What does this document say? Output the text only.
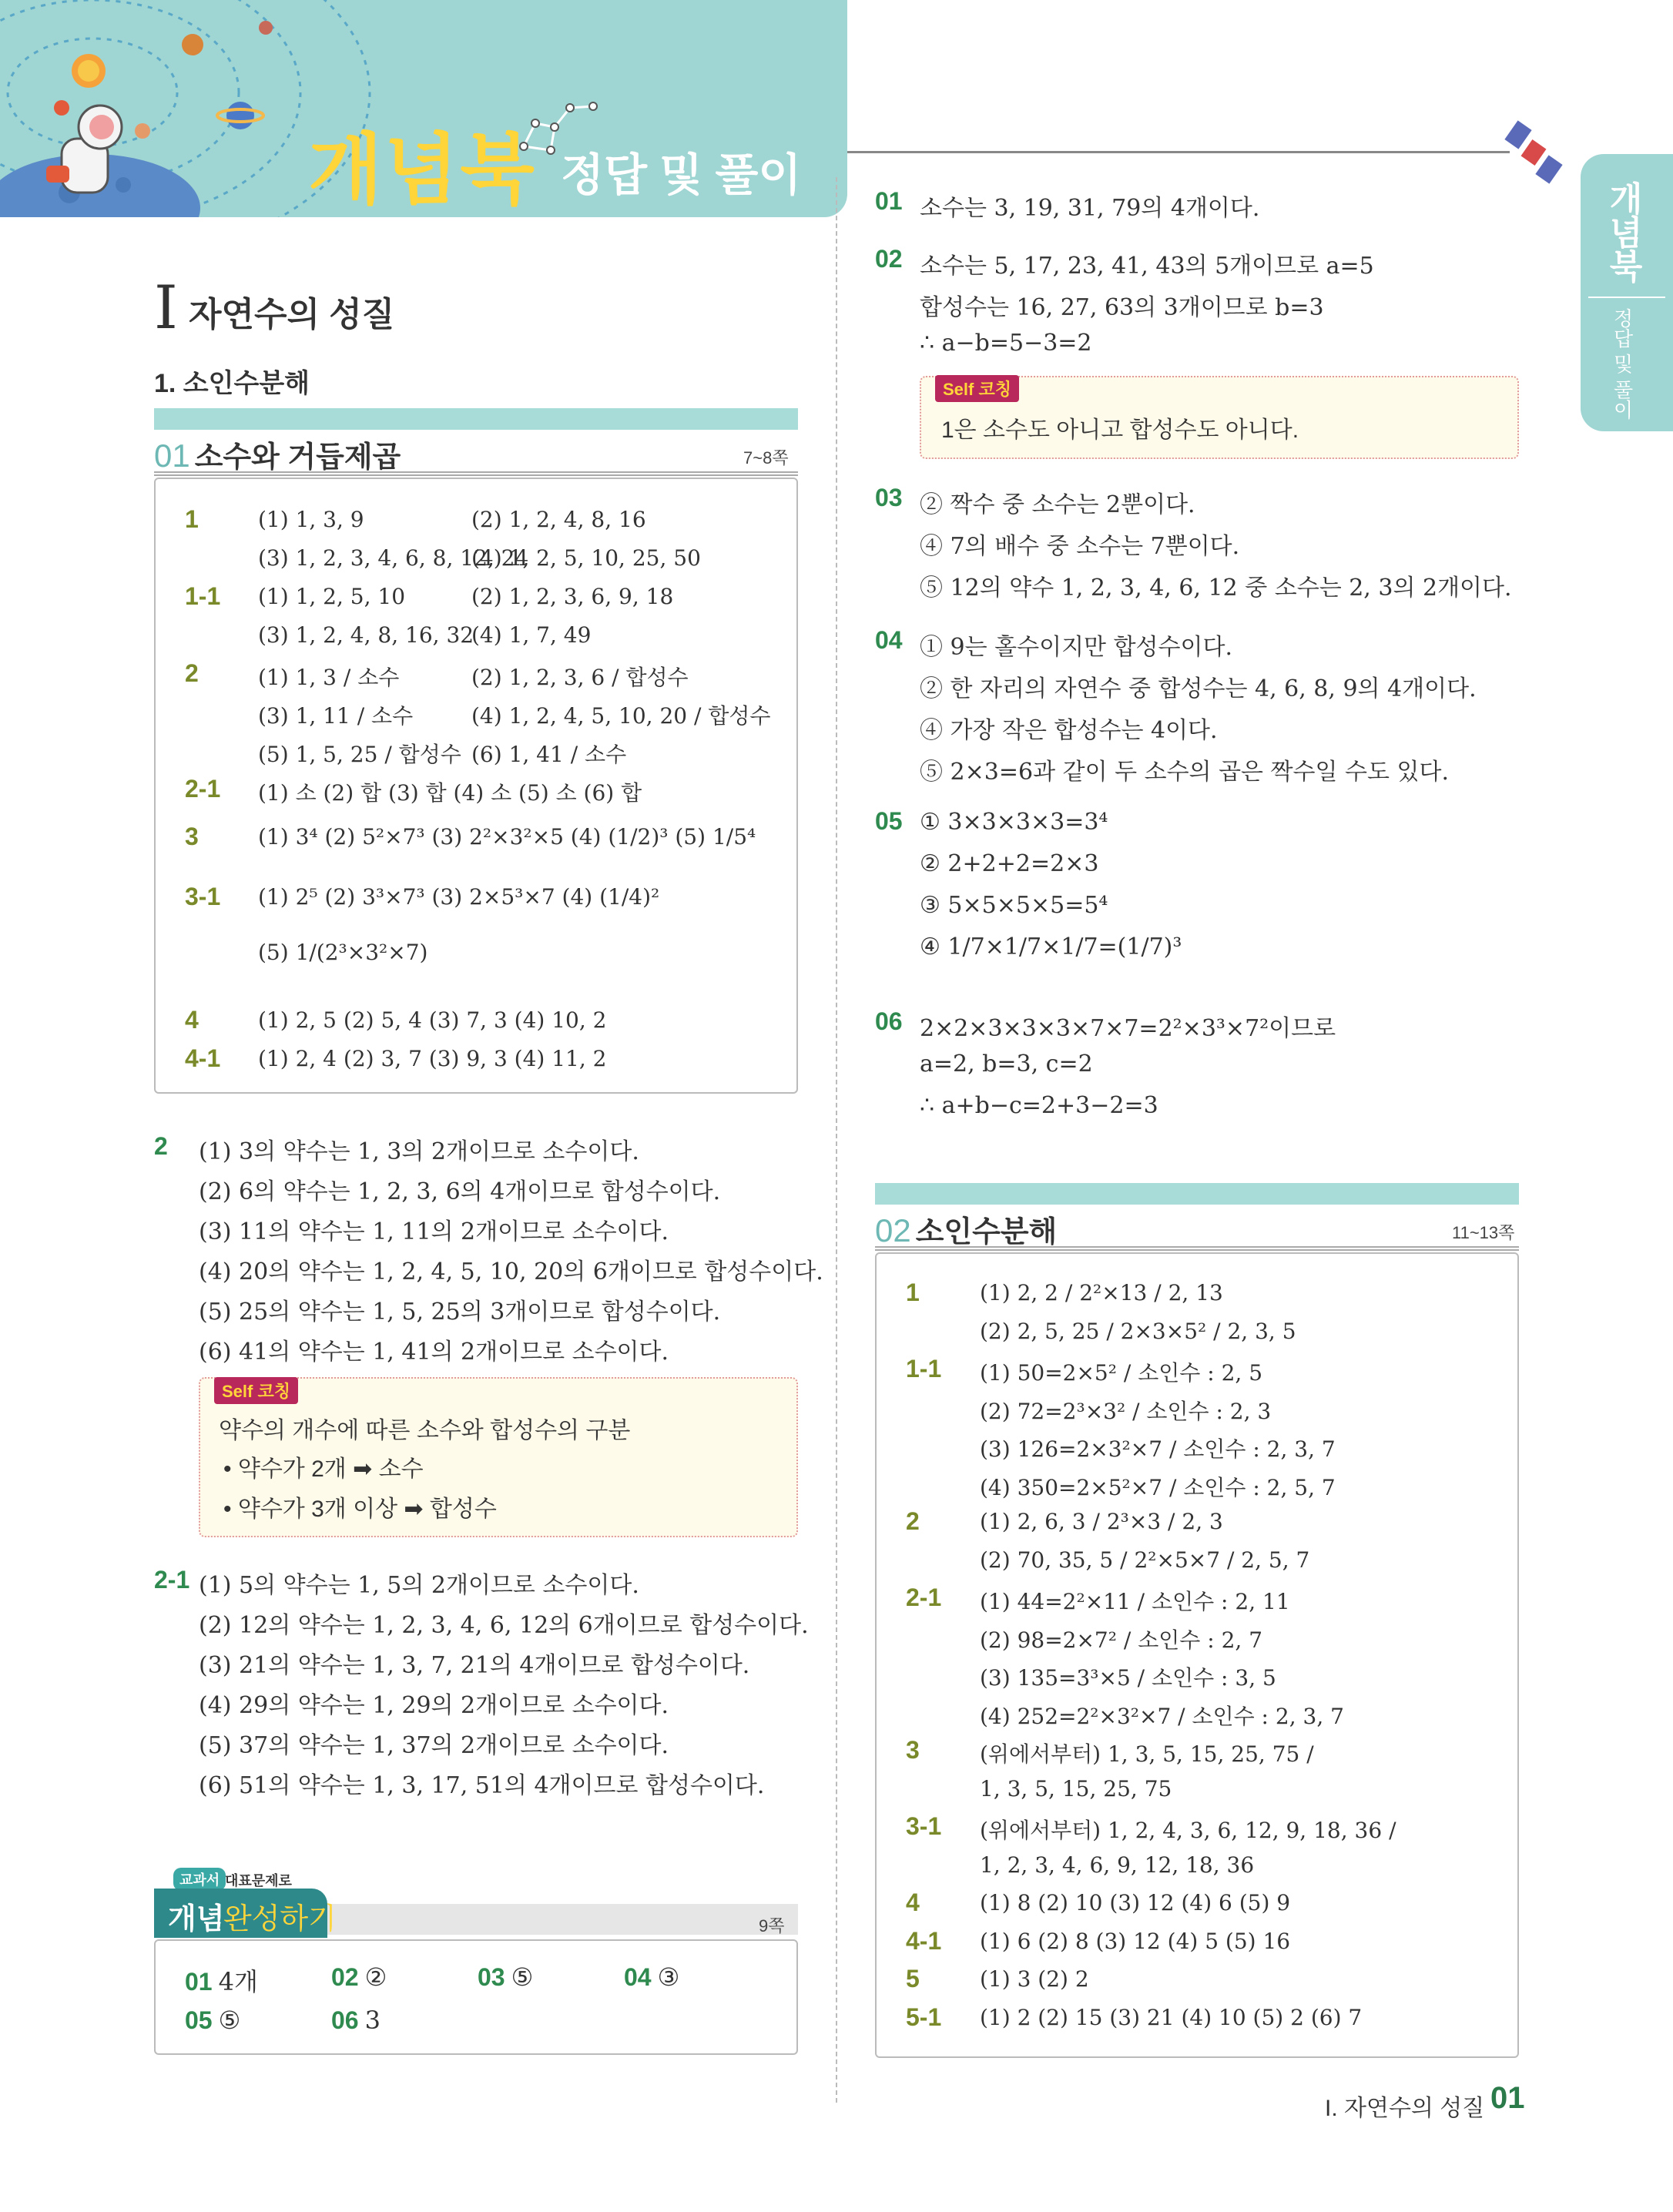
개념북 정답 및 풀이
개념북
정답 및 풀이
I 자연수의 성질
1. 소인수분해
01 소수와 거듭제곱	7~8쪽
1	(1) 1, 3, 9	(2) 1, 2, 4, 8, 16
(3) 1, 2, 3, 4, 6, 8, 12, 24
(4) 1, 2, 5, 10, 25, 50
1-1 (1) 1, 2, 5, 10	(2) 1, 2, 3, 6, 9, 18
(3) 1, 2, 4, 8, 16, 32
(4) 1, 7, 49
2	(1) 1, 3 / 소수	(2) 1, 2, 3, 6 / 합성수
(3) 1, 11 / 소수	(4) 1, 2, 4, 5, 10, 20 / 합성수
(5) 1, 5, 25 / 합성수 (6) 1, 41 / 소수
2-1 (1) 소 (2) 합 (3) 합 (4) 소 (5) 소 (6) 합
3	(1) 3⁴ (2) 5²×7³ (3) 2²×3²×5 (4) (1/2)³ (5) 1/5⁴
3-1 (1) 2⁵ (2) 3³×7³ (3) 2×5³×7 (4) (1/4)²
(5) 1/(2³×3²×7)
4	(1) 2, 5 (2) 5, 4 (3) 7, 3 (4) 10, 2
4-1 (1) 2, 4 (2) 3, 7 (3) 9, 3 (4) 11, 2
2 (1) 3의 약수는 1, 3의 2개이므로 소수이다.
(2) 6의 약수는 1, 2, 3, 6의 4개이므로 합성수이다.
(3) 11의 약수는 1, 11의 2개이므로 소수이다.
(4) 20의 약수는 1, 2, 4, 5, 10, 20의 6개이므로 합성수이다.
(5) 25의 약수는 1, 5, 25의 3개이므로 합성수이다.
(6) 41의 약수는 1, 41의 2개이므로 소수이다.
Self 코칭
약수의 개수에 따른 소수와 합성수의 구분
• 약수가 2개 ➡ 소수
• 약수가 3개 이상 ➡ 합성수
2-1 (1) 5의 약수는 1, 5의 2개이므로 소수이다.
(2) 12의 약수는 1, 2, 3, 4, 6, 12의 6개이므로 합성수이다.
(3) 21의 약수는 1, 3, 7, 21의 4개이므로 합성수이다.
(4) 29의 약수는 1, 29의 2개이므로 소수이다.
(5) 37의 약수는 1, 37의 2개이므로 소수이다.
(6) 51의 약수는 1, 3, 17, 51의 4개이므로 합성수이다.
교과서 대표문제로
개념
완성하기	9쪽
01 4개	02 ②	03 ⑤	04 ③
05 ⑤	06 3
01 소수는 3, 19, 31, 79의 4개이다.
02 소수는 5, 17, 23, 41, 43의 5개이므로 a=5
합성수는 16, 27, 63의 3개이므로 b=3
∴ a−b=5−3=2
03 ② 짝수 중 소수는 2뿐이다.
④ 7의 배수 중 소수는 7뿐이다.
⑤ 12의 약수 1, 2, 3, 4, 6, 12 중 소수는 2, 3의 2개이다.
04 ① 9는 홀수이지만 합성수이다.
② 한 자리의 자연수 중 합성수는 4, 6, 8, 9의 4개이다.
④ 가장 작은 합성수는 4이다.
⑤ 2×3=6과 같이 두 소수의 곱은 짝수일 수도 있다.
05 ① 3×3×3×3=3⁴
② 2+2+2=2×3
③ 5×5×5×5=5⁴
④ 1/7×1/7×1/7=(1/7)³
06 2×2×3×3×3×7×7=2²×3³×7²이므로
a=2, b=3, c=2
∴ a+b−c=2+3−2=3
Self 코칭
1은 소수도 아니고 합성수도 아니다.
02 소인수분해	11~13쪽
1	(1) 2, 2 / 2²×13 / 2, 13
(2) 2, 5, 25 / 2×3×5² / 2, 3, 5
1-1 (1) 50=2×5² / 소인수 : 2, 5
(2) 72=2³×3² / 소인수 : 2, 3
(3) 126=2×3²×7 / 소인수 : 2, 3, 7
(4) 350=2×5²×7 / 소인수 : 2, 5, 7
2	(1) 2, 6, 3 / 2³×3 / 2, 3
(2) 70, 35, 5 / 2²×5×7 / 2, 5, 7
2-1 (1) 44=2²×11 / 소인수 : 2, 11
(2) 98=2×7² / 소인수 : 2, 7
(3) 135=3³×5 / 소인수 : 3, 5
(4) 252=2²×3²×7 / 소인수 : 2, 3, 7
3	(위에서부터) 1, 3, 5, 15, 25, 75 /
1, 3, 5, 15, 25, 75
3-1 (위에서부터) 1, 2, 4, 3, 6, 12, 9, 18, 36 /
1, 2, 3, 4, 6, 9, 12, 18, 36
4	(1) 8 (2) 10 (3) 12 (4) 6 (5) 9
4-1 (1) 6 (2) 8 (3) 12 (4) 5 (5) 16
5	(1) 3 (2) 2
5-1 (1) 2 (2) 15 (3) 21 (4) 10 (5) 2 (6) 7
I. 자연수의 성질 01
